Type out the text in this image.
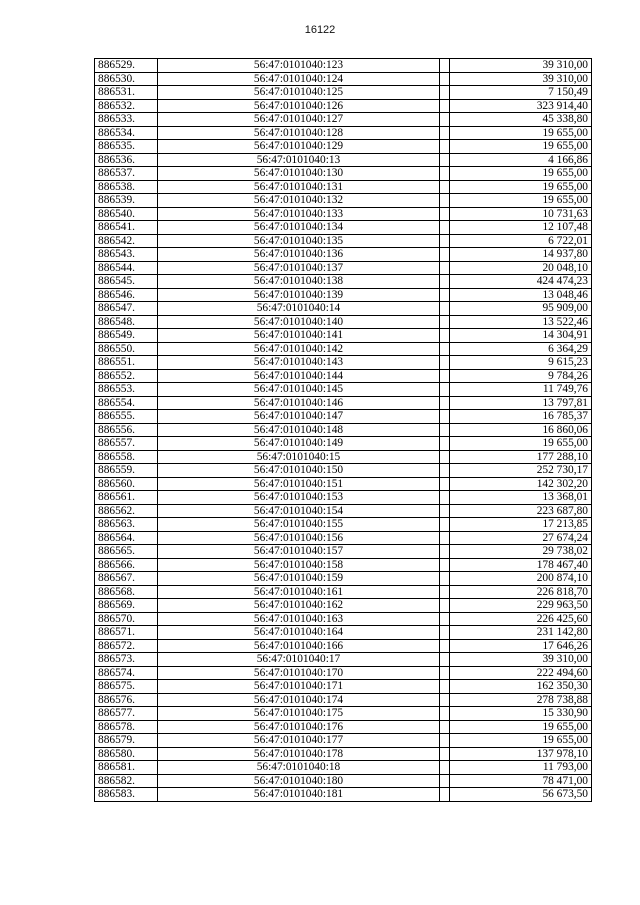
16122
886529.	56:47:0101040:123		39 310,00
886530.	56:47:0101040:124		39 310,00
886531.	56:47:0101040:125		7 150,49
886532.	56:47:0101040:126		323 914,40
886533.	56:47:0101040:127		45 338,80
886534.	56:47:0101040:128		19 655,00
886535.	56:47:0101040:129		19 655,00
886536.	56:47:0101040:13		4 166,86
886537.	56:47:0101040:130		19 655,00
886538.	56:47:0101040:131		19 655,00
886539.	56:47:0101040:132		19 655,00
886540.	56:47:0101040:133		10 731,63
886541.	56:47:0101040:134		12 107,48
886542.	56:47:0101040:135		6 722,01
886543.	56:47:0101040:136		14 937,80
886544.	56:47:0101040:137		20 048,10
886545.	56:47:0101040:138		424 474,23
886546.	56:47:0101040:139		13 048,46
886547.	56:47:0101040:14		95 909,00
886548.	56:47:0101040:140		13 522,46
886549.	56:47:0101040:141		14 304,91
886550.	56:47:0101040:142		6 364,29
886551.	56:47:0101040:143		9 615,23
886552.	56:47:0101040:144		9 784,26
886553.	56:47:0101040:145		11 749,76
886554.	56:47:0101040:146		13 797,81
886555.	56:47:0101040:147		16 785,37
886556.	56:47:0101040:148		16 860,06
886557.	56:47:0101040:149		19 655,00
886558.	56:47:0101040:15		177 288,10
886559.	56:47:0101040:150		252 730,17
886560.	56:47:0101040:151		142 302,20
886561.	56:47:0101040:153		13 368,01
886562.	56:47:0101040:154		223 687,80
886563.	56:47:0101040:155		17 213,85
886564.	56:47:0101040:156		27 674,24
886565.	56:47:0101040:157		29 738,02
886566.	56:47:0101040:158		178 467,40
886567.	56:47:0101040:159		200 874,10
886568.	56:47:0101040:161		226 818,70
886569.	56:47:0101040:162		229 963,50
886570.	56:47:0101040:163		226 425,60
886571.	56:47:0101040:164		231 142,80
886572.	56:47:0101040:166		17 646,26
886573.	56:47:0101040:17		39 310,00
886574.	56:47:0101040:170		222 494,60
886575.	56:47:0101040:171		162 350,30
886576.	56:47:0101040:174		278 738,88
886577.	56:47:0101040:175		15 330,90
886578.	56:47:0101040:176		19 655,00
886579.	56:47:0101040:177		19 655,00
886580.	56:47:0101040:178		137 978,10
886581.	56:47:0101040:18		11 793,00
886582.	56:47:0101040:180		78 471,00
886583.	56:47:0101040:181		56 673,50
